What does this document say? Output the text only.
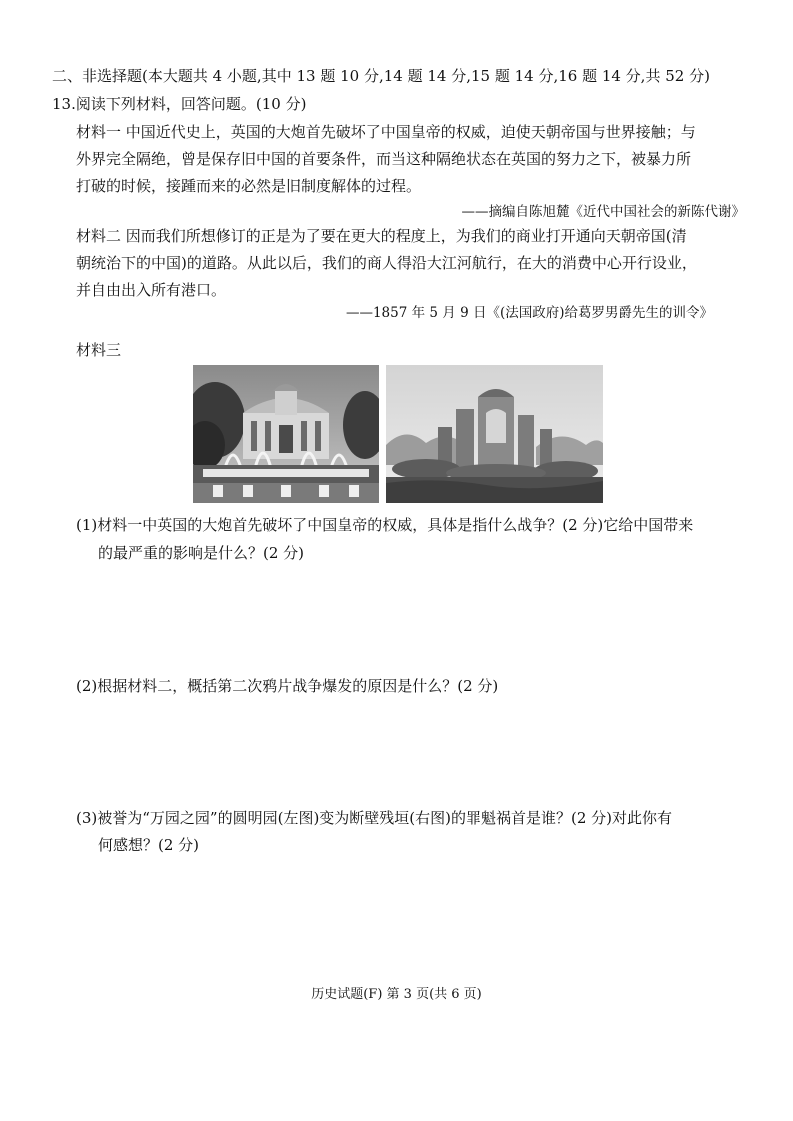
二、非选择题(本大题共 4 小题,其中 13 题 10 分,14 题 14 分,15 题 14 分,16 题 14 分,共 52 分)
13.阅读下列材料，回答问题。(10 分)
材料一 中国近代史上，英国的大炮首先破坏了中国皇帝的权威，迫使天朝帝国与世界接触；与
外界完全隔绝，曾是保存旧中国的首要条件，而当这种隔绝状态在英国的努力之下，被暴力所
打破的时候，接踵而来的必然是旧制度解体的过程。
——摘编自陈旭麓《近代中国社会的新陈代谢》
材料二 因而我们所想修订的正是为了要在更大的程度上，为我们的商业打开通向天朝帝国(清
朝统治下的中国)的道路。从此以后，我们的商人得沿大江河航行，在大的消费中心开行设业，
并自由出入所有港口。
——1857 年 5 月 9 日《(法国政府)给葛罗男爵先生的训令》
材料三
(1)材料一中英国的大炮首先破坏了中国皇帝的权威，具体是指什么战争？(2 分)它给中国带来
的最严重的影响是什么？(2 分)
(2)根据材料二，概括第二次鸦片战争爆发的原因是什么？(2 分)
(3)被誉为“万园之园”的圆明园(左图)变为断壁残垣(右图)的罪魁祸首是谁？(2 分)对此你有
何感想？(2 分)
历史试题(F) 第 3 页(共 6 页)
